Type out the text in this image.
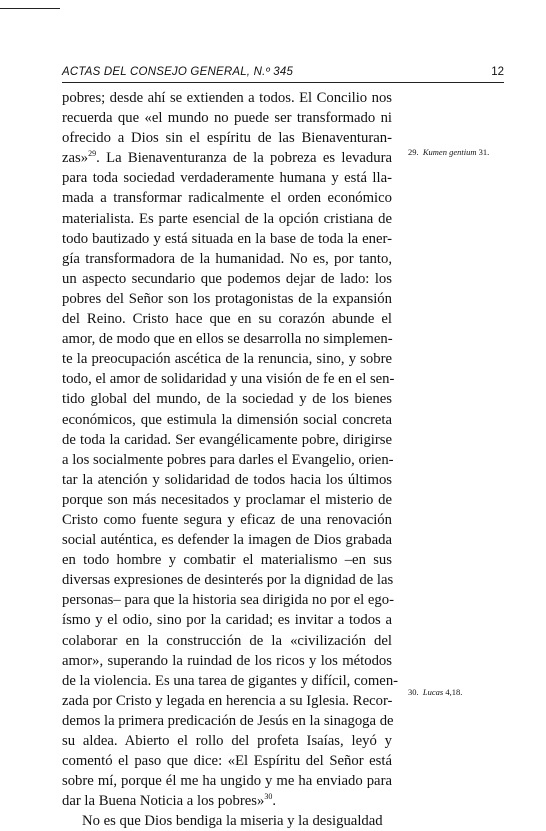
ACTAS DEL CONSEJO GENERAL, N.º 345	12
pobres; desde ahí se extienden a todos. El Concilio nos
recuerda que «el mundo no puede ser transformado ni
ofrecido a Dios sin el espíritu de las Bienaventuran-
zas»$^{29}$. La Bienaventuranza de la pobreza es levadura
para toda sociedad verdaderamente humana y está lla-
mada a transformar radicalmente el orden económico
materialista. Es parte esencial de la opción cristiana de
todo bautizado y está situada en la base de toda la ener-
gía transformadora de la humanidad. No es, por tanto,
un aspecto secundario que podemos dejar de lado: los
pobres del Señor son los protagonistas de la expansión
del Reino. Cristo hace que en su corazón abunde el
amor, de modo que en ellos se desarrolla no simplemen-
te la preocupación ascética de la renuncia, sino, y sobre
todo, el amor de solidaridad y una visión de fe en el sen-
tido global del mundo, de la sociedad y de los bienes
económicos, que estimula la dimensión social concreta
de toda la caridad. Ser evangélicamente pobre, dirigirse
a los socialmente pobres para darles el Evangelio, orien-
tar la atención y solidaridad de todos hacia los últimos
porque son más necesitados y proclamar el misterio de
Cristo como fuente segura y eficaz de una renovación
social auténtica, es defender la imagen de Dios grabada
en todo hombre y combatir el materialismo –en sus
diversas expresiones de desinterés por la dignidad de las
personas– para que la historia sea dirigida no por el ego-
ísmo y el odio, sino por la caridad; es invitar a todos a
colaborar en la construcción de la «civilización del
amor», superando la ruindad de los ricos y los métodos
de la violencia. Es una tarea de gigantes y difícil, comen-
zada por Cristo y legada en herencia a su Iglesia. Recor-
demos la primera predicación de Jesús en la sinagoga de
su aldea. Abierto el rollo del profeta Isaías, leyó y
comentó el paso que dice: «El Espíritu del Señor está
sobre mí, porque él me ha ungido y me ha enviado para
dar la Buena Noticia a los pobres»$^{30}$.
No es que Dios bendiga la miseria y la desigualdad
29. Kumen gentium 31.
30. Lucas 4,18.
